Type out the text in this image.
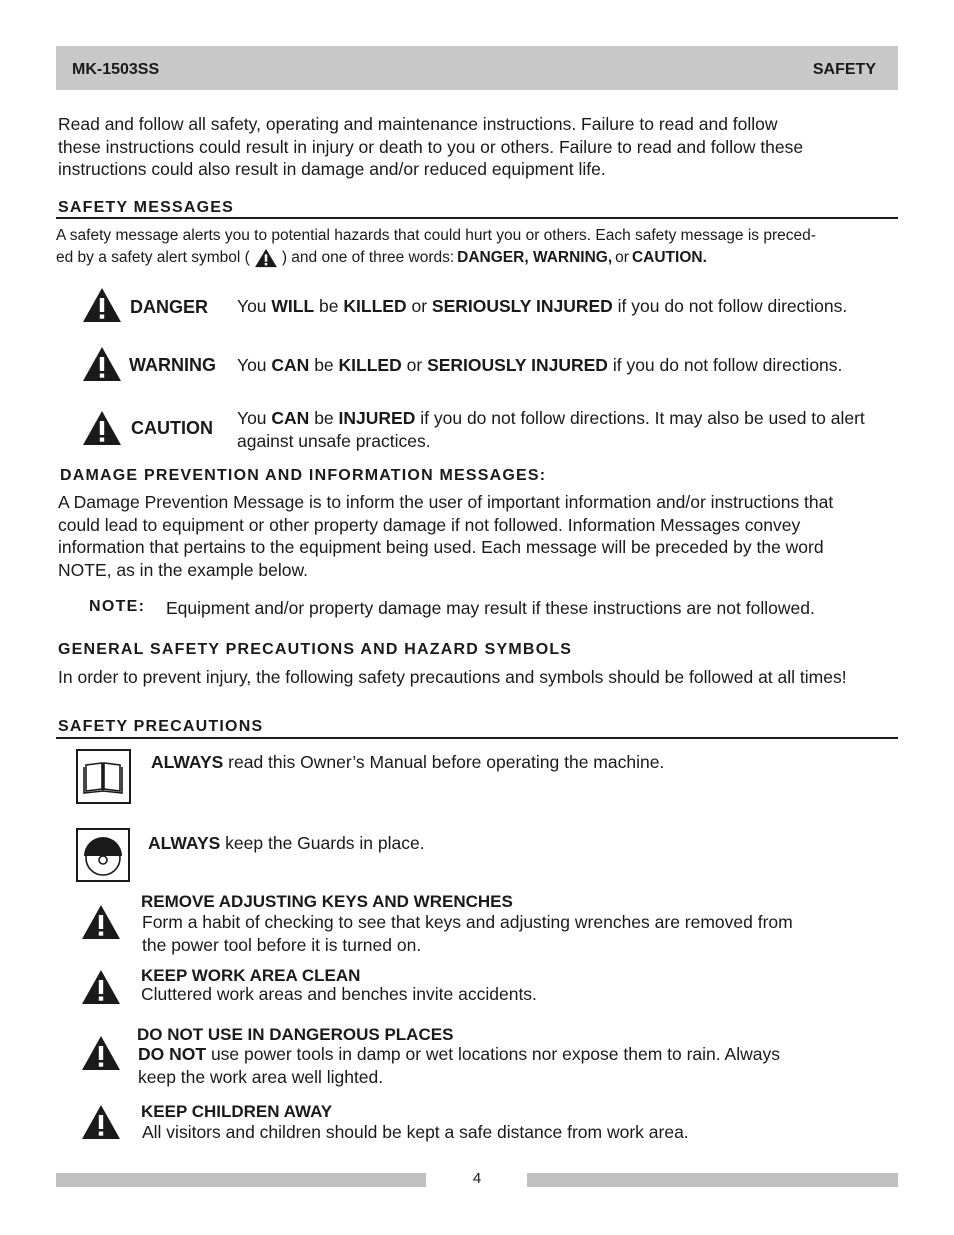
MK-1503SS	SAFETY
Read and follow all safety, operating and maintenance instructions. Failure to read and follow
these instructions could result in injury or death to you or others. Failure to read and follow these
instructions could also result in damage and/or reduced equipment life.
SAFETY MESSAGES
A safety message alerts you to potential hazards that could hurt you or others. Each safety message is preced-
ed by a safety alert symbol ( ) and one of three words: DANGER, WARNING, or CAUTION.
DANGER You WILL be KILLED or SERIOUSLY INJURED if you do not follow directions.
WARNING You CAN be KILLED or SERIOUSLY INJURED if you do not follow directions.
CAUTION You CAN be INJURED if you do not follow directions. It may also be used to alert
against unsafe practices.
DAMAGE PREVENTION AND INFORMATION MESSAGES:
A Damage Prevention Message is to inform the user of important information and/or instructions that
could lead to equipment or other property damage if not followed. Information Messages convey
information that pertains to the equipment being used. Each message will be preceded by the word
NOTE, as in the example below.
NOTE: Equipment and/or property damage may result if these instructions are not followed.
GENERAL SAFETY PRECAUTIONS AND HAZARD SYMBOLS
In order to prevent injury, the following safety precautions and symbols should be followed at all times!
SAFETY PRECAUTIONS
ALWAYS read this Owner’s Manual before operating the machine.
ALWAYS keep the Guards in place.
REMOVE ADJUSTING KEYS AND WRENCHES
Form a habit of checking to see that keys and adjusting wrenches are removed from
the power tool before it is turned on.
KEEP WORK AREA CLEAN
Cluttered work areas and benches invite accidents.
DO NOT USE IN DANGEROUS PLACES
DO NOT use power tools in damp or wet locations nor expose them to rain. Always
keep the work area well lighted.
KEEP CHILDREN AWAY
All visitors and children should be kept a safe distance from work area.
4
